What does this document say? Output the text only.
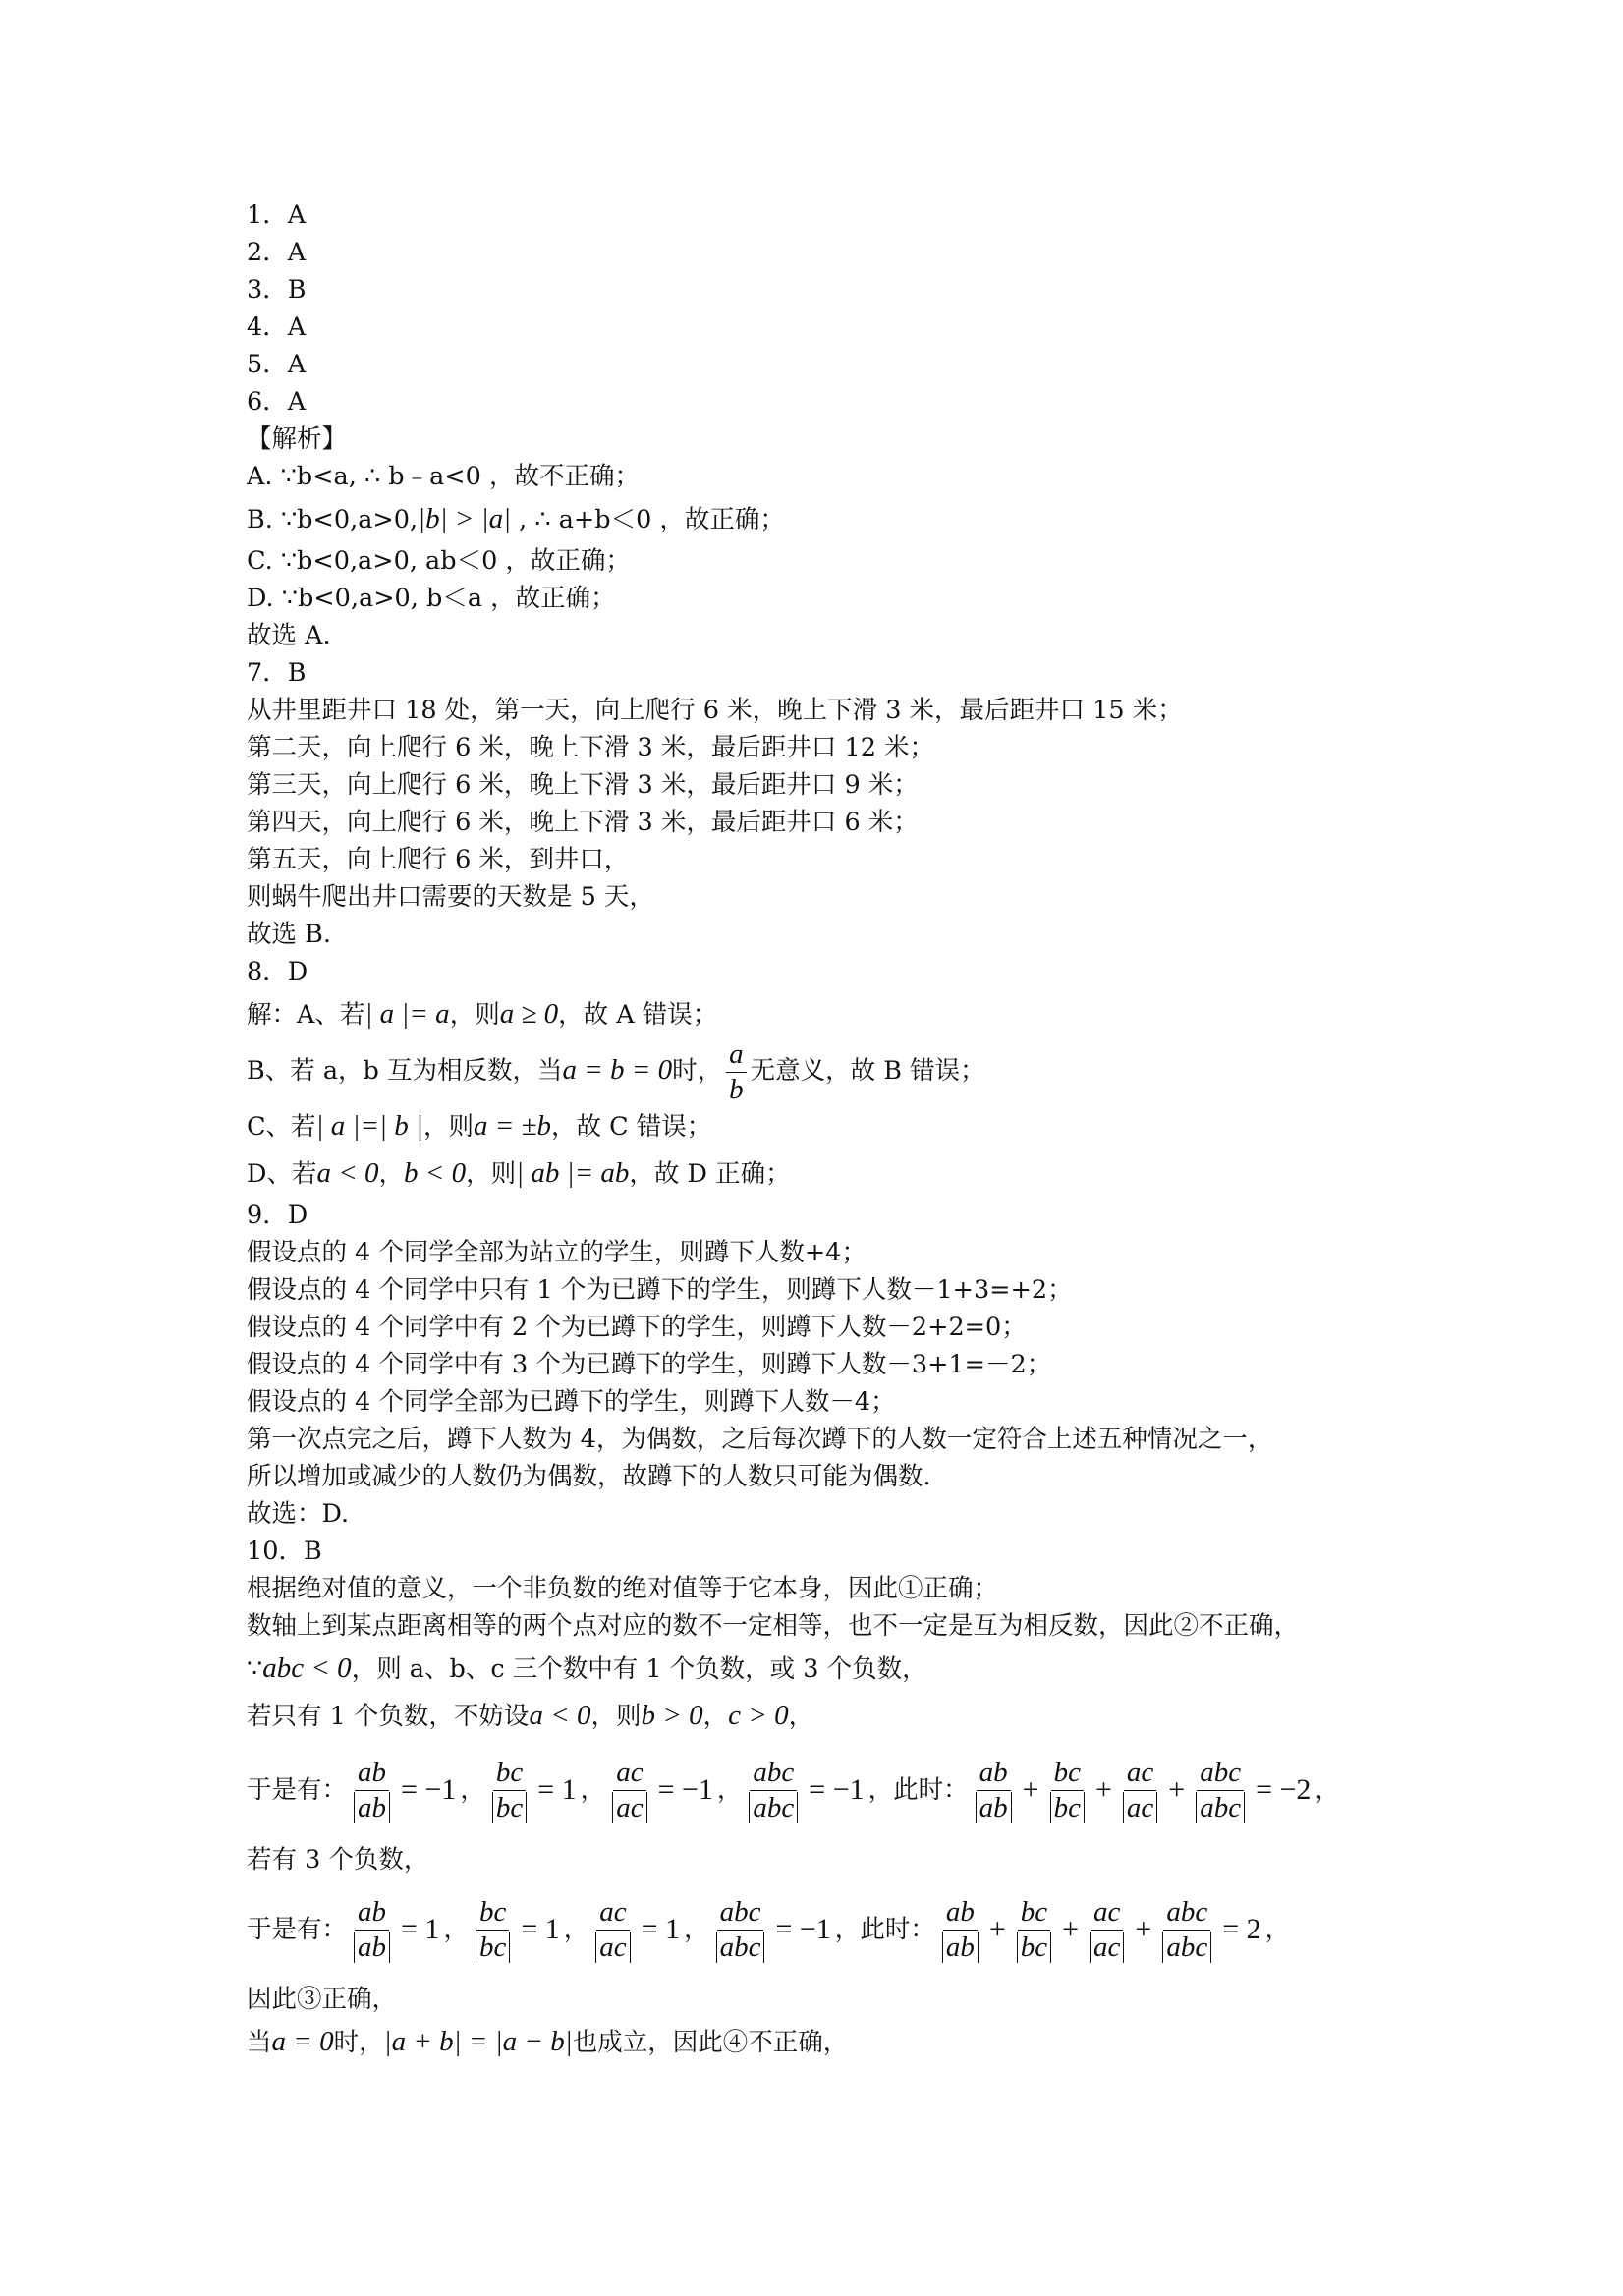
1．A
2．A
3．B
4．A
5．A
6．A
【解析】
A. ∵b<a, ∴ b﹣a<0 ，故不正确；
B. ∵b<0,a>0,|b| > |a| , ∴ a+b＜0 ，故正确；
C. ∵b<0,a>0, ab＜0 ，故正确；
D. ∵b<0,a>0, b＜a ，故正确；
故选 A.
7．B
从井里距井口 18 处，第一天，向上爬行 6 米，晚上下滑 3 米，最后距井口 15 米；
第二天，向上爬行 6 米，晚上下滑 3 米，最后距井口 12 米；
第三天，向上爬行 6 米，晚上下滑 3 米，最后距井口 9 米；
第四天，向上爬行 6 米，晚上下滑 3 米，最后距井口 6 米；
第五天，向上爬行 6 米，到井口，
则蜗牛爬出井口需要的天数是 5 天，
故选 B.
8．D
解：A、若| a |= a，则a ≥ 0，故 A 错误；
B、若 a，b 互为相反数，当a = b = 0时， $\frac{a}{b}$ 无意义，故 B 错误；
C、若| a |=| b |，则a = ±b，故 C 错误；
D、若a < 0，b < 0，则| ab |= ab，故 D 正确；
9．D
假设点的 4 个同学全部为站立的学生，则蹲下人数+4；
假设点的 4 个同学中只有 1 个为已蹲下的学生，则蹲下人数－1+3=+2；
假设点的 4 个同学中有 2 个为已蹲下的学生，则蹲下人数－2+2=0；
假设点的 4 个同学中有 3 个为已蹲下的学生，则蹲下人数－3+1=－2；
假设点的 4 个同学全部为已蹲下的学生，则蹲下人数－4；
第一次点完之后，蹲下人数为 4，为偶数，之后每次蹲下的人数一定符合上述五种情况之一，
所以增加或减少的人数仍为偶数，故蹲下的人数只可能为偶数.
故选：D.
10．B
根据绝对值的意义，一个非负数的绝对值等于它本身，因此①正确；
数轴上到某点距离相等的两个点对应的数不一定相等，也不一定是互为相反数，因此②不正确，
∵abc < 0，则 a、b、c 三个数中有 1 个负数，或 3 个负数，
若只有 1 个负数，不妨设a < 0，则b > 0，c > 0，
于是有： $\frac{ab}{ab} = -1$ ， $\frac{bc}{bc} = 1$ ， $\frac{ac}{ac} = -1$ ， $\frac{\text{abc}}{\text{abc}} = -1$ ， 此时： $\frac{ab}{ab} + \frac{bc}{bc} + \frac{ac}{ac} + \frac{\text{abc}}{\text{abc}} = -2$ ，
若有 3 个负数，
于是有： $\frac{ab}{ab} = 1$ ， $\frac{bc}{bc} = 1$ ， $\frac{ac}{ac} = 1$ ， $\frac{\text{abc}}{\text{abc}} = -1$ ， 此时： $\frac{ab}{ab} + \frac{bc}{bc} + \frac{ac}{ac} + \frac{\text{abc}}{\text{abc}} = 2$ ，
因此③正确，
当a = 0时，|a + b| = |a − b|也成立，因此④不正确，
